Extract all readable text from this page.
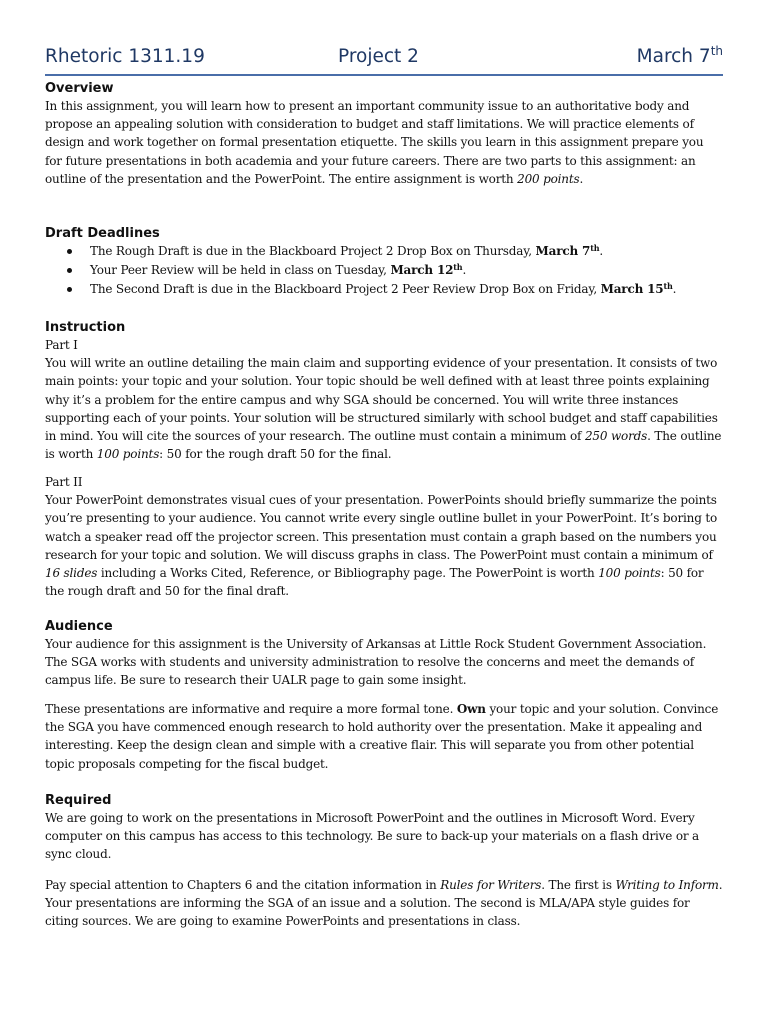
Rhetoric 1311.19	Project 2	March 7th
Overview

In this assignment, you will learn how to present an important community issue to an authoritative body and propose an appealing solution with consideration to budget and staff limitations. We will practice elements of design and work together on formal presentation etiquette. The skills you learn in this assignment prepare you for future presentations in both academia and your future careers. There are two parts to this assignment: an outline of the presentation and the PowerPoint. The entire assignment is worth 200 points.

Draft Deadlines
The Rough Draft is due in the Blackboard Project 2 Drop Box on Thursday, March 7th.
Your Peer Review will be held in class on Tuesday, March 12th.
The Second Draft is due in the Blackboard Project 2 Peer Review Drop Box on Friday, March 15th.
Instruction

Part I

You will write an outline detailing the main claim and supporting evidence of your presentation. It consists of two main points: your topic and your solution. Your topic should be well defined with at least three points explaining why it’s a problem for the entire campus and why SGA should be concerned. You will write three instances supporting each of your points. Your solution will be structured similarly with school budget and staff capabilities in mind. You will cite the sources of your research. The outline must contain a minimum of 250 words. The outline is worth 100 points: 50 for the rough draft 50 for the final.

Part II

Your PowerPoint demonstrates visual cues of your presentation. PowerPoints should briefly summarize the points you’re presenting to your audience. You cannot write every single outline bullet in your PowerPoint. It’s boring to watch a speaker read off the projector screen. This presentation must contain a graph based on the numbers you research for your topic and solution. We will discuss graphs in class. The PowerPoint must contain a minimum of 16 slides including a Works Cited, Reference, or Bibliography page. The PowerPoint is worth 100 points: 50 for the rough draft and 50 for the final draft.

Audience

Your audience for this assignment is the University of Arkansas at Little Rock Student Government Association. The SGA works with students and university administration to resolve the concerns and meet the demands of campus life. Be sure to research their UALR page to gain some insight.

These presentations are informative and require a more formal tone. Own your topic and your solution. Convince the SGA you have commenced enough research to hold authority over the presentation. Make it appealing and interesting. Keep the design clean and simple with a creative flair. This will separate you from other potential topic proposals competing for the fiscal budget.

Required

We are going to work on the presentations in Microsoft PowerPoint and the outlines in Microsoft Word. Every computer on this campus has access to this technology. Be sure to back-up your materials on a flash drive or a sync cloud.

Pay special attention to Chapters 6 and the citation information in Rules for Writers. The first is Writing to Inform. Your presentations are informing the SGA of an issue and a solution. The second is MLA/APA style guides for citing sources. We are going to examine PowerPoints and presentations in class.
